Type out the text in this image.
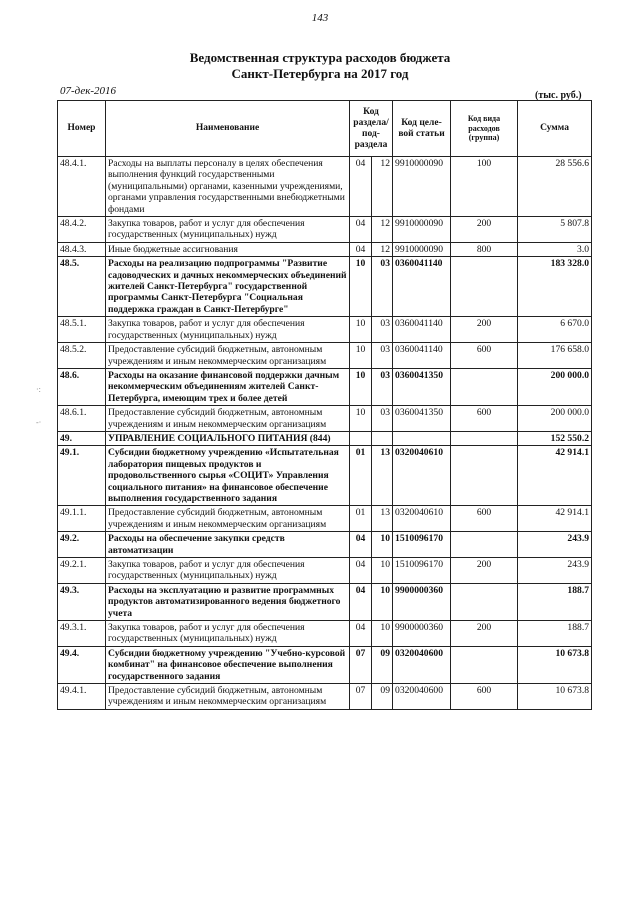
143
Ведомственная структура расходов бюджета
Санкт-Петербурга на 2017 год
07-дек-2016	(тыс. руб.)
·:
-·
Номер	Наименование	Код раздела/ под- раздела		Код целе- вой статьи	Код вида расходов (группа)	Сумма
48.4.1.	Расходы на выплаты персоналу в целях обеспечения выполнения функций государственными (муниципальными) органами, казенными учреждениями, органами управления государственными внебюджетными фондами	04	12	9910000090	100	28 556.6
48.4.2.	Закупка товаров, работ и услуг для обеспечения государственных (муниципальных) нужд	04	12	9910000090	200	5 807.8
48.4.3.	Иные бюджетные ассигнования	04	12	9910000090	800	3.0
48.5.	Расходы на реализацию подпрограммы "Развитие садоводческих и дачных некоммерческих объединений жителей Санкт-Петербурга" государственной программы Санкт-Петербурга "Социальная поддержка граждан в Санкт-Петербурге"	10	03	0360041140		183 328.0
48.5.1.	Закупка товаров, работ и услуг для обеспечения государственных (муниципальных) нужд	10	03	0360041140	200	6 670.0
48.5.2.	Предоставление субсидий бюджетным, автономным учреждениям и иным некоммерческим организациям	10	03	0360041140	600	176 658.0
48.6.	Расходы на оказание финансовой поддержки дачным некоммерческим объединениям жителей Санкт-Петербурга, имеющим трех и более детей	10	03	0360041350		200 000.0
48.6.1.	Предоставление субсидий бюджетным, автономным учреждениям и иным некоммерческим организациям	10	03	0360041350	600	200 000.0
49.	УПРАВЛЕНИЕ СОЦИАЛЬНОГО ПИТАНИЯ (844)					152 550.2
49.1.	Субсидии бюджетному учреждению «Испытательная лаборатория пищевых продуктов и продовольственного сырья «СОЦИТ» Управления социального питания» на финансовое обеспечение выполнения государственного задания	01	13	0320040610		42 914.1
49.1.1.	Предоставление субсидий бюджетным, автономным учреждениям и иным некоммерческим организациям	01	13	0320040610	600	42 914.1
49.2.	Расходы на обеспечение закупки средств автоматизации	04	10	1510096170		243.9
49.2.1.	Закупка товаров, работ и услуг для обеспечения государственных (муниципальных) нужд	04	10	1510096170	200	243.9
49.3.	Расходы на эксплуатацию и развитие программных продуктов автоматизированного ведения бюджетного учета	04	10	9900000360		188.7
49.3.1.	Закупка товаров, работ и услуг для обеспечения государственных (муниципальных) нужд	04	10	9900000360	200	188.7
49.4.	Субсидии бюджетному учреждению "Учебно-курсовой комбинат" на финансовое обеспечение выполнения государственного задания	07	09	0320040600		10 673.8
49.4.1.	Предоставление субсидий бюджетным, автономным учреждениям и иным некоммерческим организациям	07	09	0320040600	600	10 673.8
